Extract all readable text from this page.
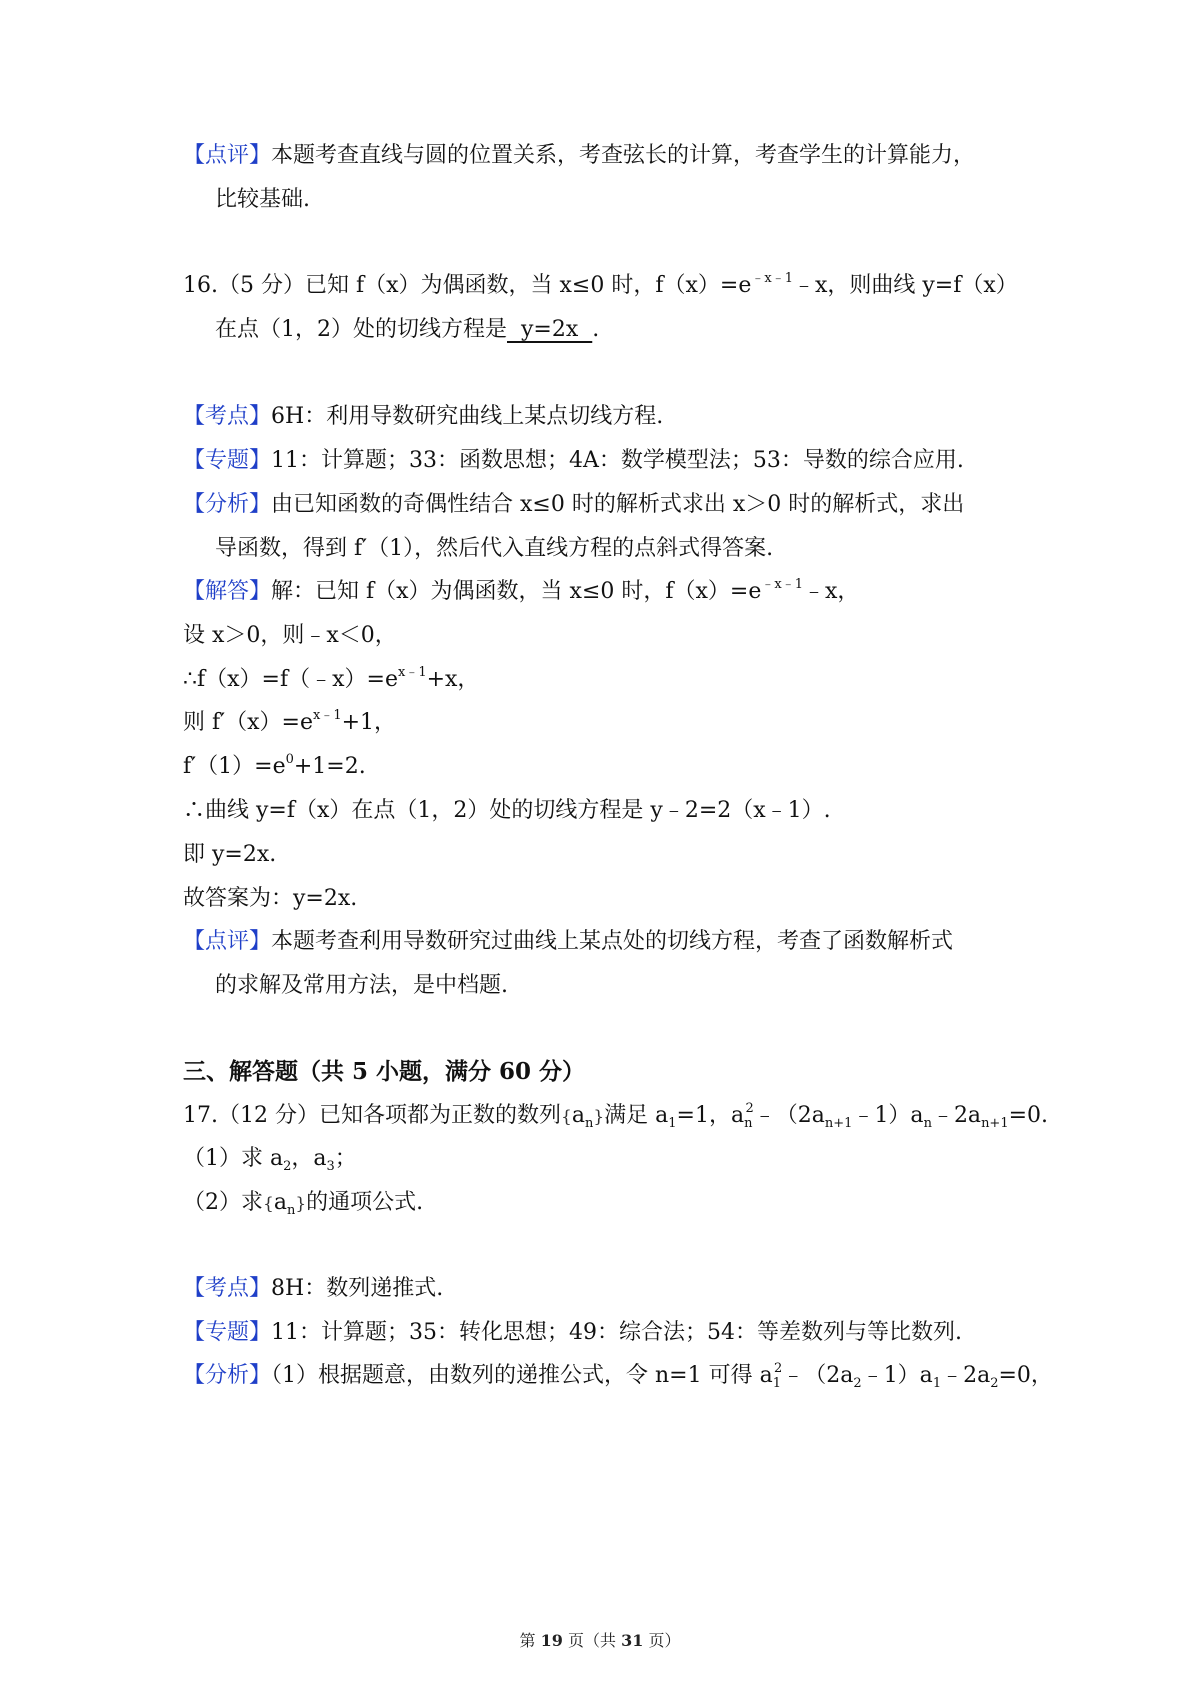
【点评】本题考查直线与圆的位置关系，考查弦长的计算，考查学生的计算能力，
比较基础.
16.（5 分）已知 f（x）为偶函数，当 x≤0 时，$f(x)=e^{﹣x﹣1}﹣x$，则曲线 y=f（x）
在点（1，2）处的切线方程是  y=2x  .
【考点】6H：利用导数研究曲线上某点切线方程.
【专题】11：计算题；33：函数思想；4A：数学模型法；53：导数的综合应用.
【分析】由已知函数的奇偶性结合 x≤0 时的解析式求出 x＞0 时的解析式，求出
导函数，得到 f′（1），然后代入直线方程的点斜式得答案.
【解答】解：已知 f（x）为偶函数，当 x≤0 时，$f(x)=e^{﹣x﹣1}﹣x$，
设 x＞0，则﹣x＜0，
$\therefore f(x)=f(﹣x)=e^{x﹣1}+x$，
则 $f'(x)=e^{x﹣1}+1$，
$f'(1)=e^0+1=2$.
∴曲线 y=f（x）在点（1，2）处的切线方程是 y﹣2=2（x﹣1）.
即 y=2x.
故答案为：y=2x.
【点评】本题考查利用导数研究过曲线上某点处的切线方程，考查了函数解析式
的求解及常用方法，是中档题.
三、解答题（共 5 小题，满分 60 分）
17.（12 分）已知各项都为正数的数列$\{a_n\}$满足 $a_1=1$，$a_n^2﹣(2a_{n+1}﹣1)a_n﹣2a_{n+1}=0$.
（1）求 $a_2$，$a_3$；
（2）求$\{a_n\}$的通项公式.
【考点】8H：数列递推式.
【专题】11：计算题；35：转化思想；49：综合法；54：等差数列与等比数列.
【分析】（1）根据题意，由数列的递推公式，令 n=1 可得 $a_1^2﹣(2a_2﹣1)a_1﹣2a_2=0$，
第 19 页（共 31 页）
